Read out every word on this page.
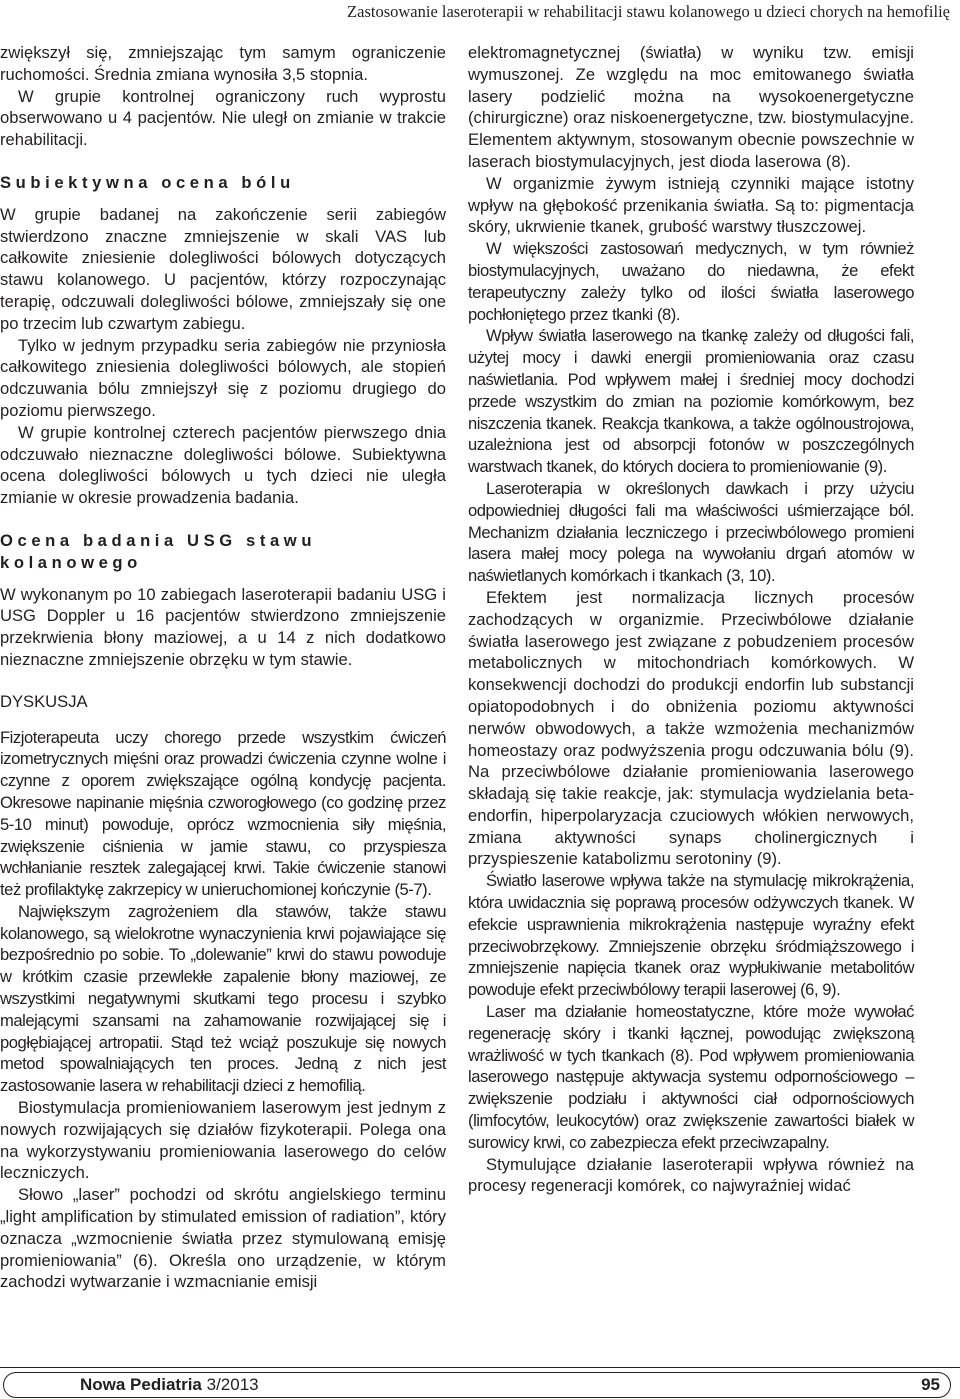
Zastosowanie laseroterapii w rehabilitacji stawu kolanowego u dzieci chorych na hemofilię

zwiększył się, zmniejszając tym samym ograniczenie ruchomości. Średnia zmiana wynosiła 3,5 stopnia.

W grupie kontrolnej ograniczony ruch wyprostu obserwowano u 4 pacjentów. Nie uległ on zmianie w trakcie rehabilitacji.

Subiektywna ocena bólu

W grupie badanej na zakończenie serii zabiegów stwierdzono znaczne zmniejszenie w skali VAS lub całkowite zniesienie dolegliwości bólowych dotyczących stawu kolanowego. U pacjentów, którzy rozpoczynając terapię, odczuwali dolegliwości bólowe, zmniejszały się one po trzecim lub czwartym zabiegu.

Tylko w jednym przypadku seria zabiegów nie przyniosła całkowitego zniesienia dolegliwości bólowych, ale stopień odczuwania bólu zmniejszył się z poziomu drugiego do poziomu pierwszego.

W grupie kontrolnej czterech pacjentów pierwszego dnia odczuwało nieznaczne dolegliwości bólowe. Subiektywna ocena dolegliwości bólowych u tych dzieci nie uległa zmianie w okresie prowadzenia badania.

Ocena badania USG stawu kolanowego

W wykonanym po 10 zabiegach laseroterapii badaniu USG i USG Doppler u 16 pacjentów stwierdzono zmniejszenie przekrwienia błony maziowej, a u 14 z nich dodatkowo nieznaczne zmniejszenie obrzęku w tym stawie.

DYSKUSJA

Fizjoterapeuta uczy chorego przede wszystkim ćwiczeń izometrycznych mięśni oraz prowadzi ćwiczenia czynne wolne i czynne z oporem zwiększające ogólną kondycję pacjenta. Okresowe napinanie mięśnia czworogłowego (co godzinę przez 5-10 minut) powoduje, oprócz wzmocnienia siły mięśnia, zwiększenie ciśnienia w jamie stawu, co przyspiesza wchłanianie resztek zalegającej krwi. Takie ćwiczenie stanowi też profilaktykę zakrzepicy w unieruchomionej kończynie (5-7).

Największym zagrożeniem dla stawów, także stawu kolanowego, są wielokrotne wynaczynienia krwi pojawiające się bezpośrednio po sobie. To „dolewanie” krwi do stawu powoduje w krótkim czasie przewlekłe zapalenie błony maziowej, ze wszystkimi negatywnymi skutkami tego procesu i szybko malejącymi szansami na zahamowanie rozwijającej się i pogłębiającej artropatii. Stąd też wciąż poszukuje się nowych metod spowalniających ten proces. Jedną z nich jest zastosowanie lasera w rehabilitacji dzieci z hemofilią.

Biostymulacja promieniowaniem laserowym jest jednym z nowych rozwijających się działów fizykoterapii. Polega ona na wykorzystywaniu promieniowania laserowego do celów leczniczych.

Słowo „laser” pochodzi od skrótu angielskiego terminu „light amplification by stimulated emission of radiation”, który oznacza „wzmocnienie światła przez stymulowaną emisję promieniowania” (6). Określa ono urządzenie, w którym zachodzi wytwarzanie i wzmacnianie emisji

elektromagnetycznej (światła) w wyniku tzw. emisji wymuszonej. Ze względu na moc emitowanego światła lasery podzielić można na wysokoenergetyczne (chirurgiczne) oraz niskoenergetyczne, tzw. biostymulacyjne. Elementem aktywnym, stosowanym obecnie powszechnie w laserach biostymulacyjnych, jest dioda laserowa (8).

W organizmie żywym istnieją czynniki mające istotny wpływ na głębokość przenikania światła. Są to: pigmentacja skóry, ukrwienie tkanek, grubość warstwy tłuszczowej.

W większości zastosowań medycznych, w tym również biostymulacyjnych, uważano do niedawna, że efekt terapeutyczny zależy tylko od ilości światła laserowego pochłoniętego przez tkanki (8).

Wpływ światła laserowego na tkankę zależy od długości fali, użytej mocy i dawki energii promieniowania oraz czasu naświetlania. Pod wpływem małej i średniej mocy dochodzi przede wszystkim do zmian na poziomie komórkowym, bez niszczenia tkanek. Reakcja tkankowa, a także ogólnoustrojowa, uzależniona jest od absorpcji fotonów w poszczególnych warstwach tkanek, do których dociera to promieniowanie (9).

Laseroterapia w określonych dawkach i przy użyciu odpowiedniej długości fali ma właściwości uśmierzające ból. Mechanizm działania leczniczego i przeciwbólowego promieni lasera małej mocy polega na wywołaniu drgań atomów w naświetlanych komórkach i tkankach (3, 10).

Efektem jest normalizacja licznych procesów zachodzących w organizmie. Przeciwbólowe działanie światła laserowego jest związane z pobudzeniem procesów metabolicznych w mitochondriach komórkowych. W konsekwencji dochodzi do produkcji endorfin lub substancji opiatopodobnych i do obniżenia poziomu aktywności nerwów obwodowych, a także wzmożenia mechanizmów homeostazy oraz podwyższenia progu odczuwania bólu (9). Na przeciwbólowe działanie promieniowania laserowego składają się takie reakcje, jak: stymulacja wydzielania beta-endorfin, hiperpolaryzacja czuciowych włókien nerwowych, zmiana aktywności synaps cholinergicznych i przyspieszenie katabolizmu serotoniny (9).

Światło laserowe wpływa także na stymulację mikrokrążenia, która uwidacznia się poprawą procesów odżywczych tkanek. W efekcie usprawnienia mikrokrążenia następuje wyraźny efekt przeciwobrzękowy. Zmniejszenie obrzęku śródmiąższowego i zmniejszenie napięcia tkanek oraz wypłukiwanie metabolitów powoduje efekt przeciwbólowy terapii laserowej (6, 9).

Laser ma działanie homeostatyczne, które może wywołać regenerację skóry i tkanki łącznej, powodując zwiększoną wrażliwość w tych tkankach (8). Pod wpływem promieniowania laserowego następuje aktywacja systemu odpornościowego – zwiększenie podziału i aktywności ciał odpornościowych (limfocytów, leukocytów) oraz zwiększenie zawartości białek w surowicy krwi, co zabezpiecza efekt przeciwzapalny.

Stymulujące działanie laseroterapii wpływa również na procesy regeneracji komórek, co najwyraźniej widać

Nowa Pediatria 3/2013	95
